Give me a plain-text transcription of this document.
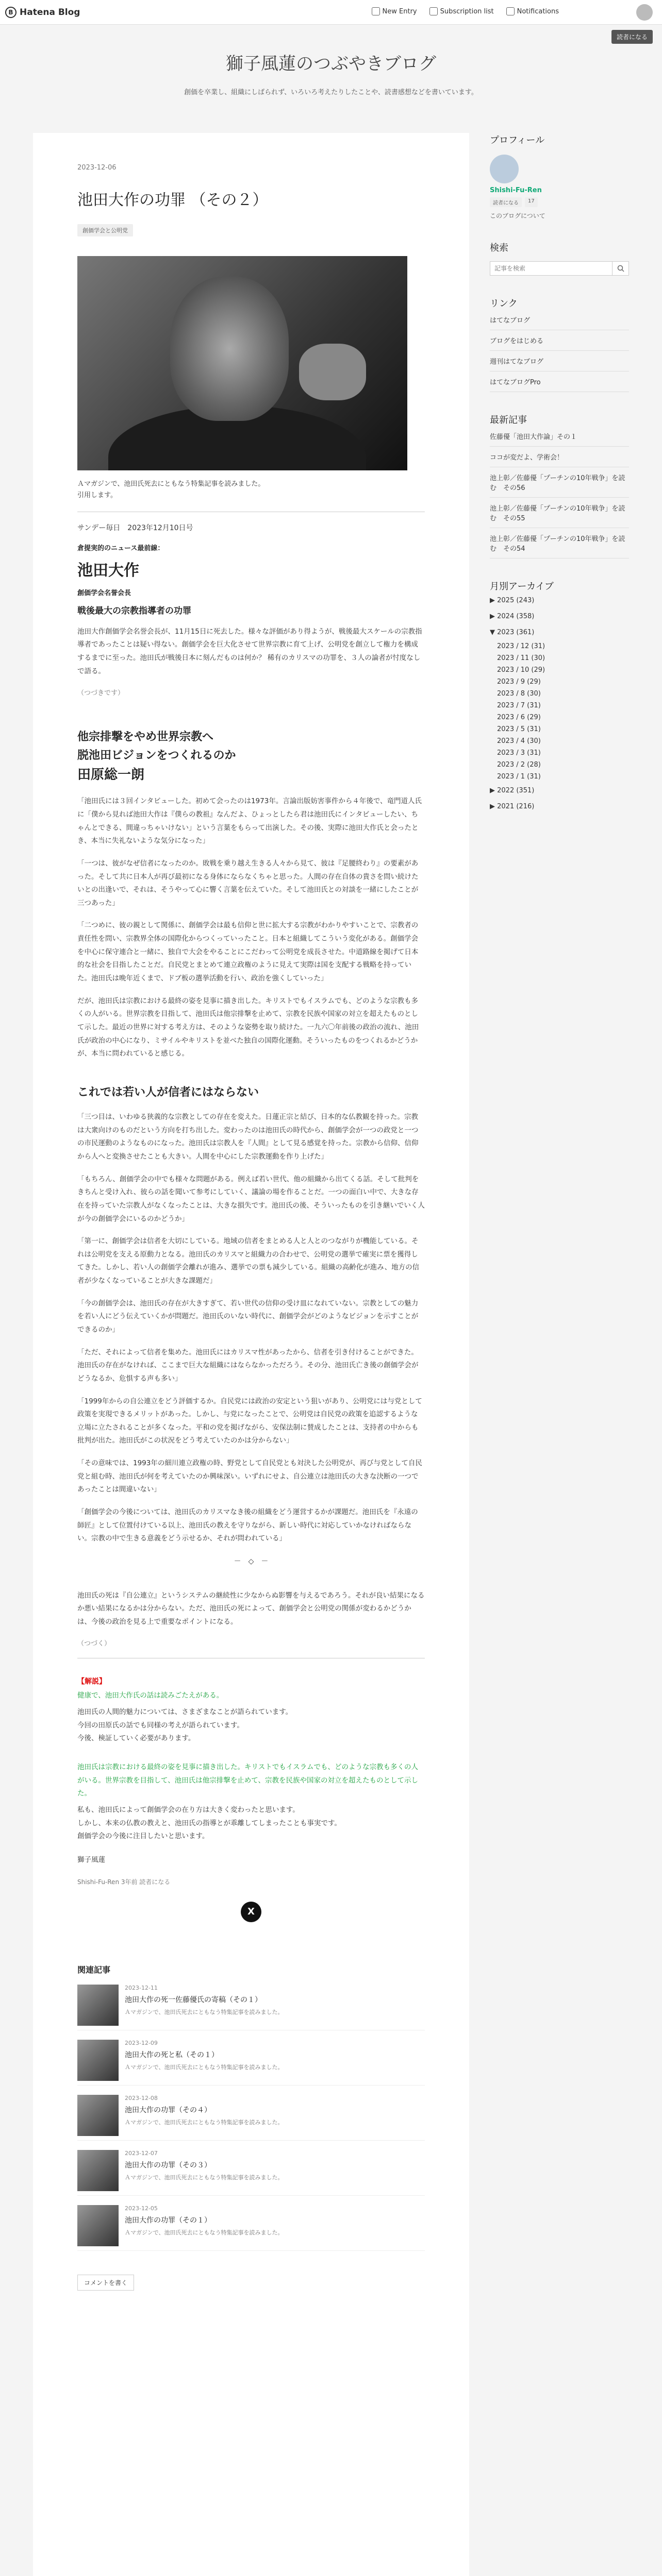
B Hatena Blog	New Entry	Subscription list	Notifications
読者になる
獅子風蓮のつぶやきブログ
創価を卒業し、組織にしばられず、いろいろ考えたりしたことや、読書感想などを書いています。
2023-12-06
池田大作の功罪 （その２）
創価学会と公明党
Ａマガジンで、池田氏死去にともなう特集記事を読みました。
引用します。
サンデー毎日　2023年12月10日号
倉提実的のニュース最前線：
池田大作
創価学会名誉会長
戦後最大の宗教指導者の功罪
池田大作創価学会名誉会長が、11月15日に死去した。様々な評価があり得ようが、戦後最大スケールの宗教指導者であったことは疑い得ない。創価学会を巨大化させて世界宗教に育て上げ、公明党を創立して権力を構成するまでに至った。池田氏が戦後日本に刻んだものは何か？ 稀有のカリスマの功罪を、３人の論者が忖度なしで語る。
（つづきです）
他宗排撃をやめ世界宗教へ
脱池田ビジョンをつくれるのか
田原総一朗
「池田氏には３回インタビューした。初めて会ったのは1973年。言論出版妨害事件から４年後で、竜門道人氏に「僕から見れば池田大作は『僕らの教祖』なんだよ、ひょっとしたら君は池田氏にインタビューしたい、ちゃんとできる、間違っちゃいけない」という言葉をもらって出演した。その後、実際に池田大作氏と会ったとき、本当に失礼ないような気分になった」
「一つは、彼がなぜ信者になったのか。敗戦を乗り越え生きる人々から見て、彼は『足腰終わり』の要素があった。そして共に日本人が再び最初になる身体にならなくちゃと思った。人間の存在自体の貴さを問い続けたいとの出逢いで、それは、そうやって心に響く言葉を伝えていた。そして池田氏との対談を一緒にしたことが三つあった」
「二つめに、彼の親として関係に、創価学会は最も信仰と世に拡大する宗教がわかりやすいことで、宗教者の責任性を問い、宗教界全体の国際化からつくっていったこと。日本と組織してこういう変化がある。創価学会を中心に保守連合と一緒に、独自で大会をやることにこだわって公明党を成長させた。中道路線を掲げて日本的な社会を目指したことだ。自民党とまとめて連立政権のように見えて実際は国を支配する戦略を持っていた。池田氏は晩年近くまで、ドブ板の選挙活動を行い、政治を強くしていった」
だが、池田氏は宗教における最終の姿を見事に描き出した。キリストでもイスラムでも、どのような宗教も多くの人がいる。世界宗教を目指して、池田氏は他宗排撃を止めて、宗教を民族や国家の対立を超えたものとして示した。最近の世界に対する考え方は、そのような姿勢を取り続けた。一九六〇年前後の政治の流れ、池田氏が政治の中心になり、ミサイルやキリストを並べた独自の国際化運動。そういったものをつくれるかどうかが、本当に問われていると感じる。
これでは若い人が信者にはならない
「三つ目は、いわゆる狭義的な宗教としての存在を変えた。日蓮正宗と結び、日本的な仏教観を持った。宗教は大衆向けのものだという方向を打ち出した。変わったのは池田氏の時代から、創価学会が一つの政党と一つの市民運動のようなものになった。池田氏は宗教人を『人間』として見る感覚を持った。宗教から信仰、信仰から人へと変換させたことも大きい。人間を中心にした宗教運動を作り上げた」
「もちろん、創価学会の中でも様々な問題がある。例えば若い世代、他の組織から出てくる話。そして批判をきちんと受け入れ、彼らの話を聞いて参考にしていく、議論の場を作ることだ。一つの面白い中で、大きな存在を持っていた宗教人がなくなったことは、大きな損失です。池田氏の後、そういったものを引き継いでいく人が今の創価学会にいるのかどうか」
「第一に、創価学会は信者を大切にしている。地域の信者をまとめる人と人とのつながりが機能している。それは公明党を支える原動力となる。池田氏のカリスマと組織力の合わせで、公明党の選挙で確実に票を獲得してきた。しかし、若い人の創価学会離れが進み、選挙での票も減少している。組織の高齢化が進み、地方の信者が少なくなっていることが大きな課題だ」
「今の創価学会は、池田氏の存在が大きすぎて、若い世代の信仰の受け皿になれていない。宗教としての魅力を若い人にどう伝えていくかが問題だ。池田氏のいない時代に、創価学会がどのようなビジョンを示すことができるのか」
「ただ、それによって信者を集めた。池田氏にはカリスマ性があったから、信者を引き付けることができた。池田氏の存在がなければ、ここまで巨大な組織にはならなかっただろう。その分、池田氏亡き後の創価学会がどうなるか、危惧する声も多い」
「1999年からの自公連立をどう評価するか。自民党には政治の安定という狙いがあり、公明党には与党として政策を実現できるメリットがあった。しかし、与党になったことで、公明党は自民党の政策を追認するような立場に立たされることが多くなった。平和の党を掲げながら、安保法制に賛成したことは、支持者の中からも批判が出た。池田氏がこの状況をどう考えていたのかは分からない」
「その意味では、1993年の細川連立政権の時、野党として自民党とも対決した公明党が、再び与党として自民党と組む時、池田氏が何を考えていたのか興味深い。いずれにせよ、自公連立は池田氏の大きな決断の一つであったことは間違いない」
「創価学会の今後については、池田氏のカリスマなき後の組織をどう運営するかが課題だ。池田氏を『永遠の師匠』として位置付けている以上、池田氏の教えを守りながら、新しい時代に対応していかなければならない。宗教の中で生きる意義をどう示せるか、それが問われている」
－　◇　－
池田氏の死は『自公連立』というシステムの継続性に少なからぬ影響を与えるであろう。それが良い結果になるか悪い結果になるかは分からない。ただ、池田氏の死によって、創価学会と公明党の関係が変わるかどうかは、今後の政治を見る上で重要なポイントになる。
（つづく）
【解説】
健康で、池田大作氏の話は読みごたえがある。
池田氏の人間的魅力については、さまざまなことが語られています。
今回の田原氏の話でも同様の考えが語られています。
今後、検証していく必要があります。
池田氏は宗教における最終の姿を見事に描き出した。キリストでもイスラムでも、どのような宗教も多くの人がいる。世界宗教を目指して、池田氏は他宗排撃を止めて、宗教を民族や国家の対立を超えたものとして示した。
私も、池田氏によって創価学会の在り方は大きく変わったと思います。
しかし、本来の仏教の教えと、池田氏の指導とが乖離してしまったことも事実です。
創価学会の今後に注目したいと思います。
獅子風蓮
Shishi-Fu-Ren 3年前 読者になる
X
関連記事
2023-12-11
池田大作の死一佐藤優氏の寄稿（その１）
Ａマガジンで、池田氏死去にともなう特集記事を読みました。
2023-12-09
池田大作の死と私（その１）
Ａマガジンで、池田氏死去にともなう特集記事を読みました。
2023-12-08
池田大作の功罪（その４）
Ａマガジンで、池田氏死去にともなう特集記事を読みました。
2023-12-07
池田大作の功罪（その３）
Ａマガジンで、池田氏死去にともなう特集記事を読みました。
2023-12-05
池田大作の功罪（その１）
Ａマガジンで、池田氏死去にともなう特集記事を読みました。
コメントを書く
プロフィール
Shishi-Fu-Ren
読者になる	17
このブログについて
検索
記事を検索
リンク
はてなブログ
ブログをはじめる
週刊はてなブログ
はてなブログPro
最新記事
佐藤優「池田大作論」その１
ココが変だよ、学術会！
池上彰／佐藤優「プーチンの10年戦争」を読む　その56
池上彰／佐藤優「プーチンの10年戦争」を読む　その55
池上彰／佐藤優「プーチンの10年戦争」を読む　その54
月別アーカイブ
▶ 2025 (243)
▶ 2024 (358)
▼ 2023 (361)
2023 / 12 (31)
2023 / 11 (30)
2023 / 10 (29)
2023 / 9 (29)
2023 / 8 (30)
2023 / 7 (31)
2023 / 6 (29)
2023 / 5 (31)
2023 / 4 (30)
2023 / 3 (31)
2023 / 2 (28)
2023 / 1 (31)
▶ 2022 (351)
▶ 2021 (216)
